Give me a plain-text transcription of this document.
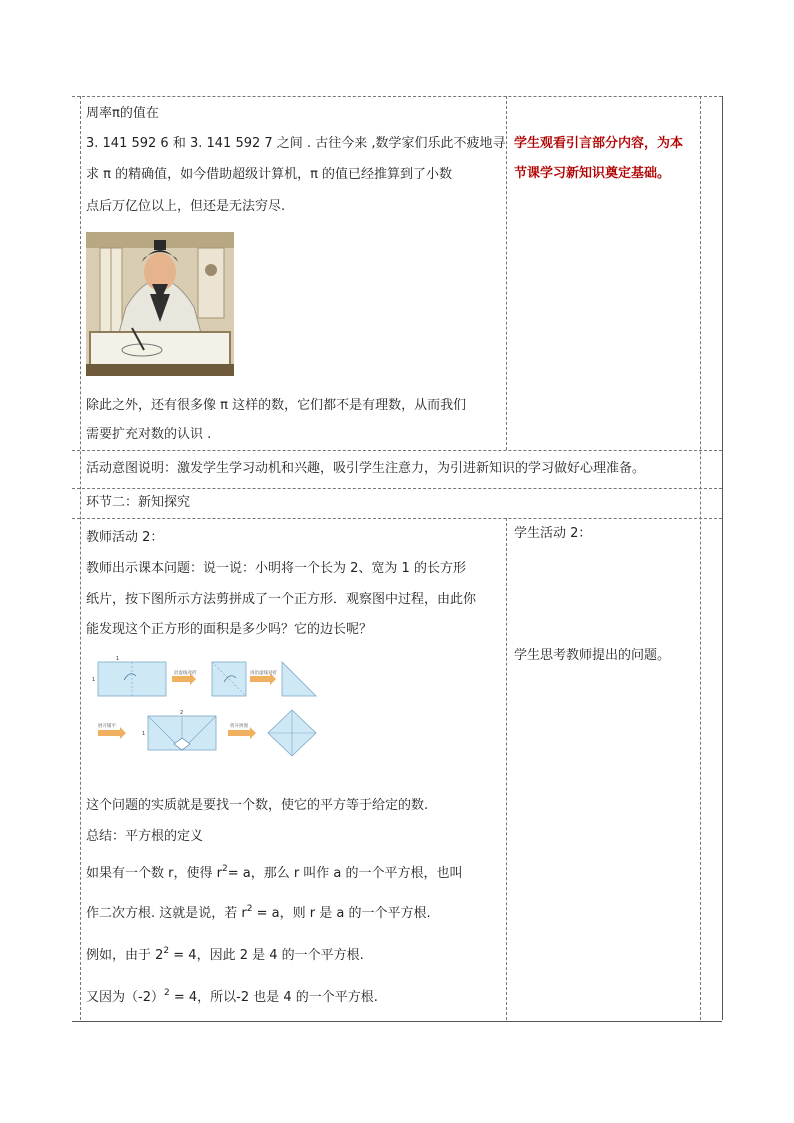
周率π的值在
3. 141 592 6 和 3. 141 592 7 之间 . 古往今来 ,数学家们乐此不疲地寻
求 π 的精确值，如今借助超级计算机，π 的值已经推算到了小数
点后万亿位以上，但还是无法穷尽.
除此之外，还有很多像 π 这样的数，它们都不是有理数，从而我们
需要扩充对数的认识 .
学生观看引言部分内容，为本
节课学习新知识奠定基础。
活动意图说明：激发学生学习动机和兴趣，吸引学生注意力，为引进新知识的学习做好心理准备。
环节二：新知探究
教师活动 2：
教师出示课本问题：说一说：小明将一个长为 2、宽为 1 的长方形
纸片，按下图所示方法剪拼成了一个正方形．观察图中过程，由此你
能发现这个正方形的面积是多少吗？它的边长呢？
学生活动 2：
学生思考教师提出的问题。
1
1
沿虚线对折	再沿虚线对折
展开铺平
2
1
剪开拼图
这个问题的实质就是要找一个数，使它的平方等于给定的数.
总结：平方根的定义
如果有一个数 r，使得 $r^2= a$，那么 r 叫作 a 的一个平方根，也叫
作二次方根. 这就是说，若 $r^2 = a$，则 r 是 a 的一个平方根.
例如，由于 $2^2 = 4$，因此 2 是 4 的一个平方根.
又因为$(-2)^2 = 4$，所以-2 也是 4 的一个平方根.
